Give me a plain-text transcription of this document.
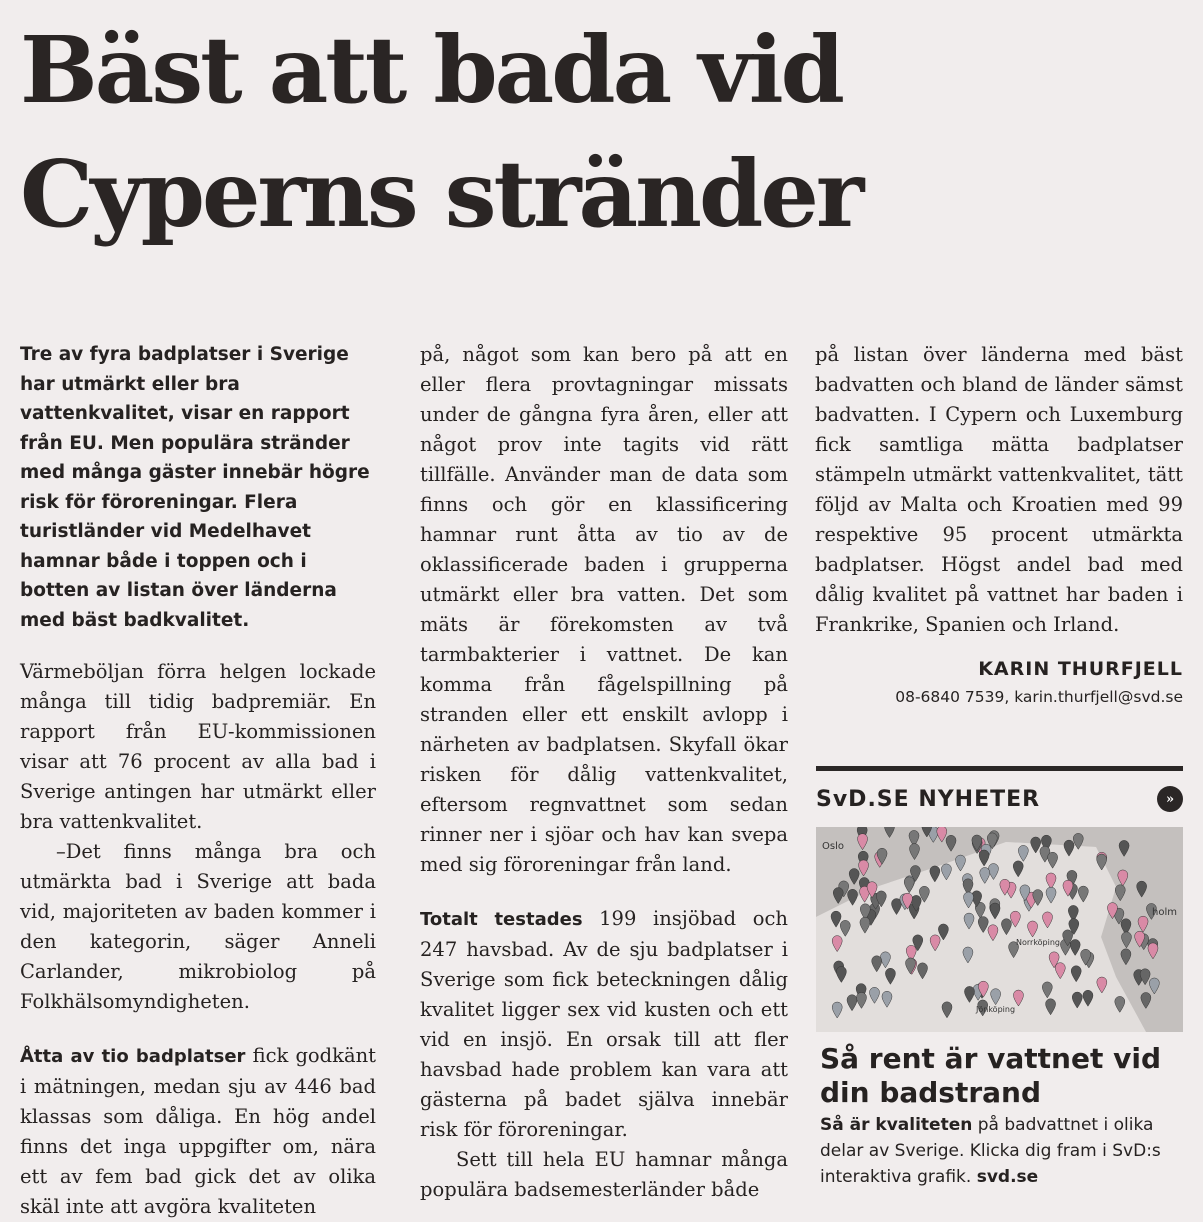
Bäst att bada vid Cyperns stränder

Tre av fyra badplatser i Sverige har utmärkt eller bra vattenkvalitet, visar en rapport från EU. Men populära stränder med många gäster innebär högre risk för föroreningar. Flera turistländer vid Medelhavet hamnar både i toppen och i botten av listan över länderna med bäst badkvalitet.

Värmeböljan förra helgen lockade många till tidig badpremiär. En rapport från EU-kommissionen visar att 76 procent av alla bad i Sverige antingen har utmärkt eller bra vattenkvalitet.

–Det finns många bra och utmärkta bad i Sverige att bada vid, majoriteten av baden kommer i den kategorin, säger Anneli Carlander, mikrobiolog på Folkhälsomyndigheten.

Åtta av tio badplatser fick godkänt i mätningen, medan sju av 446 bad klassas som dåliga. En hög andel finns det inga uppgifter om, nära ett av fem bad gick det av olika skäl inte att avgöra kvaliteten

på, något som kan bero på att en eller flera provtagningar missats under de gångna fyra åren, eller att något prov inte tagits vid rätt tillfälle. Använder man de data som finns och gör en klassificering hamnar runt åtta av tio av de oklassificerade baden i grupperna utmärkt eller bra vatten. Det som mäts är förekomsten av två tarmbakterier i vattnet. De kan komma från fågelspillning på stranden eller ett enskilt avlopp i närheten av badplatsen. Skyfall ökar risken för dålig vattenkvalitet, eftersom regnvattnet som sedan rinner ner i sjöar och hav kan svepa med sig föroreningar från land.

Totalt testades 199 insjöbad och 247 havsbad. Av de sju badplatser i Sverige som fick beteckningen dålig kvalitet ligger sex vid kusten och ett vid en insjö. En orsak till att fler havsbad hade problem kan vara att gästerna på badet själva innebär risk för föroreningar.

Sett till hela EU hamnar många populära badsemesterländer både

på listan över länderna med bäst badvatten och bland de länder sämst badvatten. I Cypern och Luxemburg fick samtliga mätta badplatser stämpeln utmärkt vattenkvalitet, tätt följd av Malta och Kroatien med 99 respektive 95 procent utmärkta badplatser. Högst andel bad med dålig kvalitet på vattnet har baden i Frankrike, Spanien och Irland.

KARIN THURFJELL

08-6840 7539, karin.thurfjell@svd.se

SvD.SE NYHETER	»
Oslo
holm
Norrköping
Jönköping
Så rent är vattnet vid din badstrand

Så är kvaliteten på badvattnet i olika delar av Sverige. Klicka dig fram i SvD:s interaktiva grafik. svd.se
